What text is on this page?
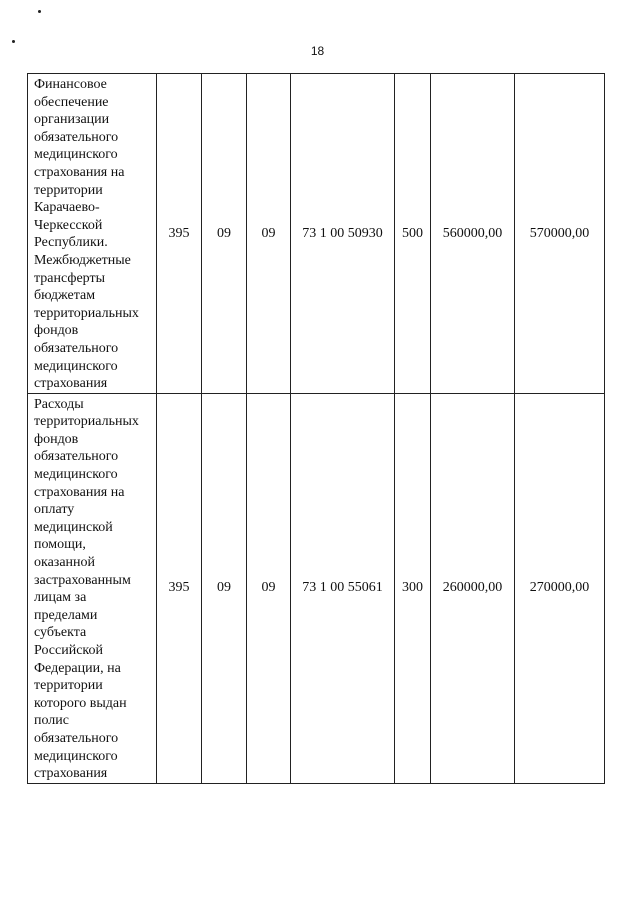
18
Финансовое обеспечение организации обязательного медицинского страхования на территории Карачаево-Черкесской Республики. Межбюджетные трансферты бюджетам территориальных фондов обязательного медицинского страхования	395	09	09	73 1 00 50930	500	560000,00	570000,00
Расходы территориальных фондов обязательного медицинского страхования на оплату медицинской помощи, оказанной застрахованным лицам за пределами субъекта Российской Федерации, на территории которого выдан полис обязательного медицинского страхования	395	09	09	73 1 00 55061	300	260000,00	270000,00
